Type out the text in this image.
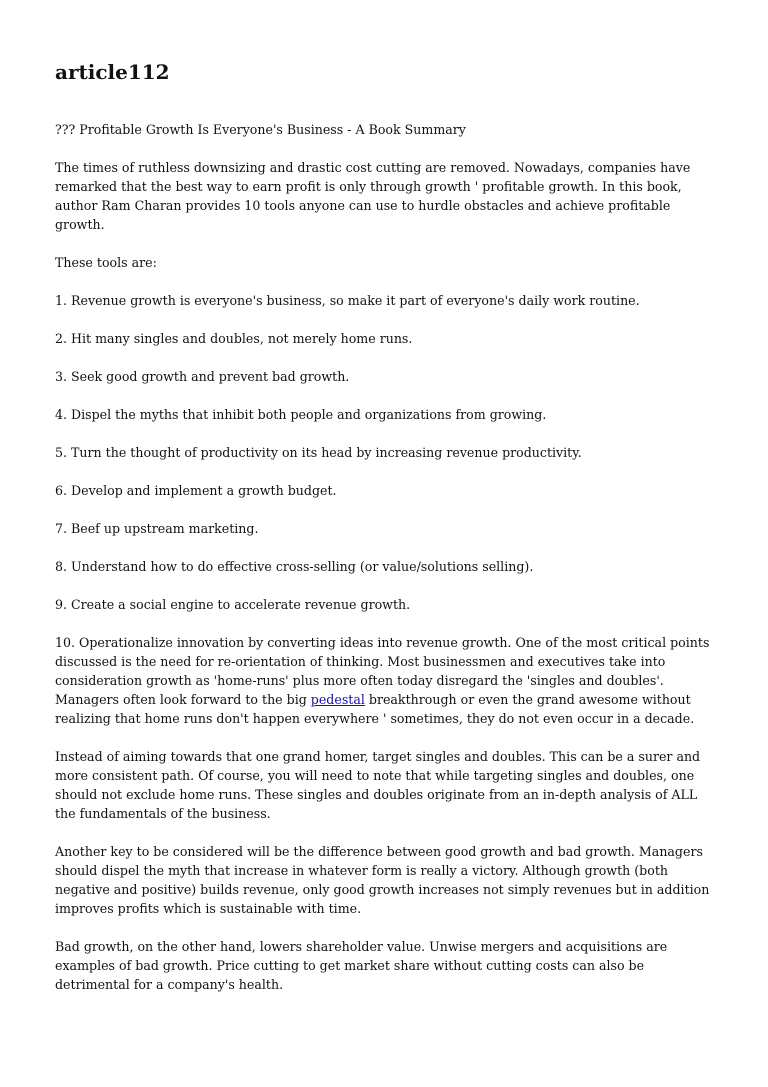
article112

??? Profitable Growth Is Everyone's Business - A Book Summary

The times of ruthless downsizing and drastic cost cutting are removed. Nowadays, companies have remarked that the best way to earn profit is only through growth ' profitable growth. In this book, author Ram Charan provides 10 tools anyone can use to hurdle obstacles and achieve profitable growth.

These tools are:

1. Revenue growth is everyone's business, so make it part of everyone's daily work routine.

2. Hit many singles and doubles, not merely home runs.

3. Seek good growth and prevent bad growth.

4. Dispel the myths that inhibit both people and organizations from growing.

5. Turn the thought of productivity on its head by increasing revenue productivity.

6. Develop and implement a growth budget.

7. Beef up upstream marketing.

8. Understand how to do effective cross-selling (or value/solutions selling).

9. Create a social engine to accelerate revenue growth.

10. Operationalize innovation by converting ideas into revenue growth. One of the most critical points discussed is the need for re-orientation of thinking. Most businessmen and executives take into consideration growth as 'home-runs' plus more often today disregard the 'singles and doubles'. Managers often look forward to the big pedestal breakthrough or even the grand awesome without realizing that home runs don't happen everywhere ' sometimes, they do not even occur in a decade.

Instead of aiming towards that one grand homer, target singles and doubles. This can be a surer and more consistent path. Of course, you will need to note that while targeting singles and doubles, one should not exclude home runs. These singles and doubles originate from an in-depth analysis of ALL the fundamentals of the business.

Another key to be considered will be the difference between good growth and bad growth. Managers should dispel the myth that increase in whatever form is really a victory. Although growth (both negative and positive) builds revenue, only good growth increases not simply revenues but in addition improves profits which is sustainable with time.

Bad growth, on the other hand, lowers shareholder value. Unwise mergers and acquisitions are examples of bad growth. Price cutting to get market share without cutting costs can also be detrimental for a company's health.
